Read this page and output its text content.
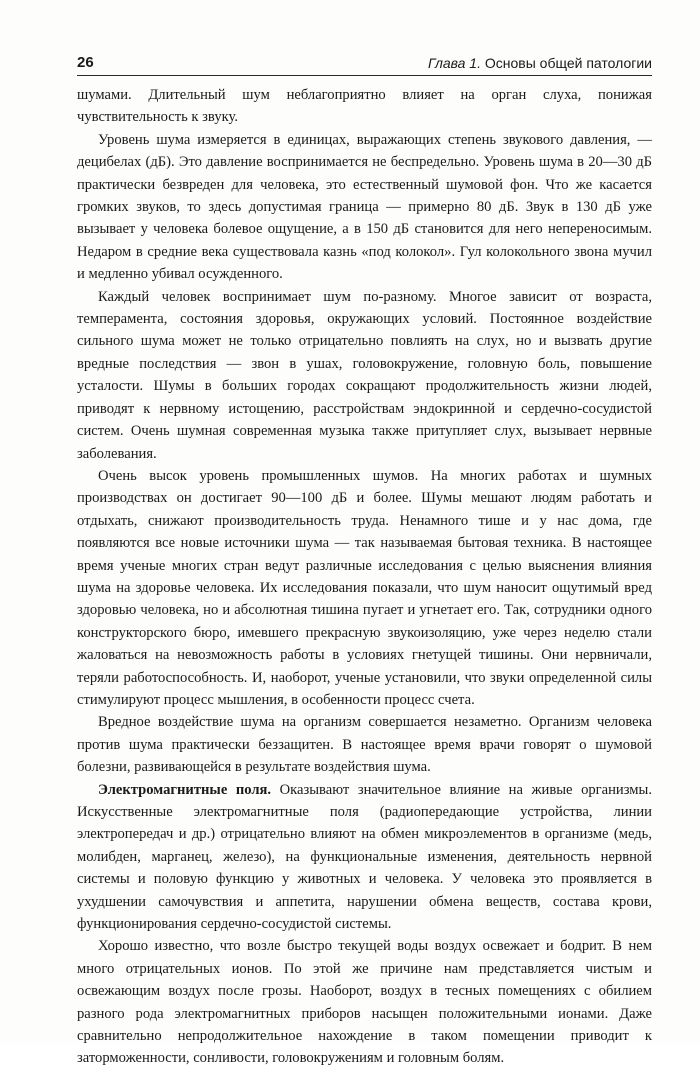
26	Глава 1. Основы общей патологии

шумами. Длительный шум неблагоприятно влияет на орган слуха, понижая чувствительность к звуку.

Уровень шума измеряется в единицах, выражающих степень звукового давления, — децибелах (дБ). Это давление воспринимается не беспредельно. Уровень шума в 20—30 дБ практически безвреден для человека, это естественный шумовой фон. Что же касается громких звуков, то здесь допустимая граница — примерно 80 дБ. Звук в 130 дБ уже вызывает у человека болевое ощущение, а в 150 дБ становится для него непереносимым. Недаром в средние века существовала казнь «под колокол». Гул колокольного звона мучил и медленно убивал осужденного.

Каждый человек воспринимает шум по-разному. Многое зависит от возраста, темперамента, состояния здоровья, окружающих условий. Постоянное воздействие сильного шума может не только отрицательно повлиять на слух, но и вызвать другие вредные последствия — звон в ушах, головокружение, головную боль, повышение усталости. Шумы в больших городах сокращают продолжительность жизни людей, приводят к нервному истощению, расстройствам эндокринной и сердечно-сосудистой систем. Очень шумная современная музыка также притупляет слух, вызывает нервные заболевания.

Очень высок уровень промышленных шумов. На многих работах и шумных производствах он достигает 90—100 дБ и более. Шумы мешают людям работать и отдыхать, снижают производительность труда. Ненамного тише и у нас дома, где появляются все новые источники шума — так называемая бытовая техника. В настоящее время ученые многих стран ведут различные исследования с целью выяснения влияния шума на здоровье человека. Их исследования показали, что шум наносит ощутимый вред здоровью человека, но и абсолютная тишина пугает и угнетает его. Так, сотрудники одного конструкторского бюро, имевшего прекрасную звукоизоляцию, уже через неделю стали жаловаться на невозможность работы в условиях гнетущей тишины. Они нервничали, теряли работоспособность. И, наоборот, ученые установили, что звуки определенной силы стимулируют процесс мышления, в особенности процесс счета.

Вредное воздействие шума на организм совершается незаметно. Организм человека против шума практически беззащитен. В настоящее время врачи говорят о шумовой болезни, развивающейся в результате воздействия шума.

Электромагнитные поля. Оказывают значительное влияние на живые организмы. Искусственные электромагнитные поля (радиопередающие устройства, линии электропередач и др.) отрицательно влияют на обмен микроэлементов в организме (медь, молибден, марганец, железо), на функциональные изменения, деятельность нервной системы и половую функцию у животных и человека. У человека это проявляется в ухудшении самочувствия и аппетита, нарушении обмена веществ, состава крови, функционирования сердечно-сосудистой системы.

Хорошо известно, что возле быстро текущей воды воздух освежает и бодрит. В нем много отрицательных ионов. По этой же причине нам представляется чистым и освежающим воздух после грозы. Наоборот, воздух в тесных помещениях с обилием разного рода электромагнитных приборов насыщен положительными ионами. Даже сравнительно непродолжительное нахождение в таком помещении приводит к заторможенности, сонливости, головокружениям и головным болям.
